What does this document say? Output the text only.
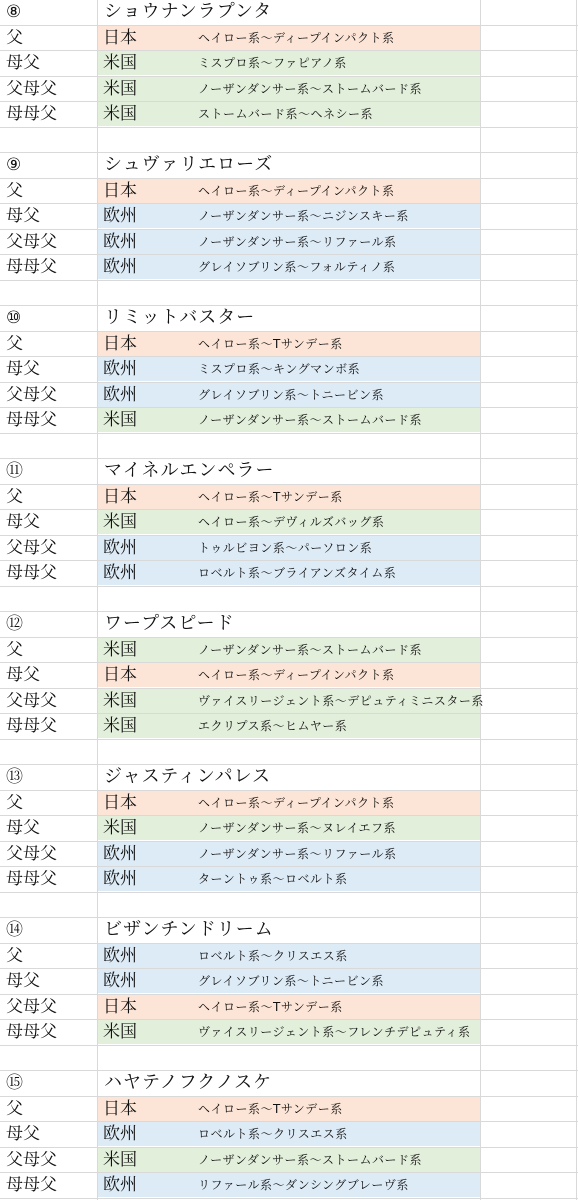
⑧	ショウナンラプンタ
父	日本	ヘイロー系〜ディープインパクト系
母父	米国	ミスプロ系〜ファピアノ系
父母父	米国	ノーザンダンサー系〜ストームバード系
母母父	米国	ストームバード系〜ヘネシー系
⑨	シュヴァリエローズ
父	日本	ヘイロー系〜ディープインパクト系
母父	欧州	ノーザンダンサー系〜ニジンスキー系
父母父	欧州	ノーザンダンサー系〜リファール系
母母父	欧州	グレイソブリン系〜フォルティノ系
⑩	リミットバスター
父	日本	ヘイロー系〜Tサンデー系
母父	欧州	ミスプロ系〜キングマンボ系
父母父	欧州	グレイソブリン系〜トニービン系
母母父	米国	ノーザンダンサー系〜ストームバード系
⑪	マイネルエンペラー
父	日本	ヘイロー系〜Tサンデー系
母父	米国	ヘイロー系〜デヴィルズバッグ系
父母父	欧州	トゥルビヨン系〜パーソロン系
母母父	欧州	ロベルト系〜ブライアンズタイム系
⑫	ワープスピード
父	米国	ノーザンダンサー系〜ストームバード系
母父	日本	ヘイロー系〜ディープインパクト系
父母父	米国	ヴァイスリージェント系〜デピュティミニスター系
母母父	米国	エクリプス系〜ヒムヤー系
⑬	ジャスティンパレス
父	日本	ヘイロー系〜ディープインパクト系
母父	米国	ノーザンダンサー系〜ヌレイエフ系
父母父	欧州	ノーザンダンサー系〜リファール系
母母父	欧州	ターントゥ系〜ロベルト系
⑭	ビザンチンドリーム
父	欧州	ロベルト系〜クリスエス系
母父	欧州	グレイソブリン系〜トニービン系
父母父	日本	ヘイロー系〜Tサンデー系
母母父	米国	ヴァイスリージェント系〜フレンチデピュティ系
⑮	ハヤテノフクノスケ
父	日本	ヘイロー系〜Tサンデー系
母父	欧州	ロベルト系〜クリスエス系
父母父	米国	ノーザンダンサー系〜ストームバード系
母母父	欧州	リファール系〜ダンシングブレーヴ系
